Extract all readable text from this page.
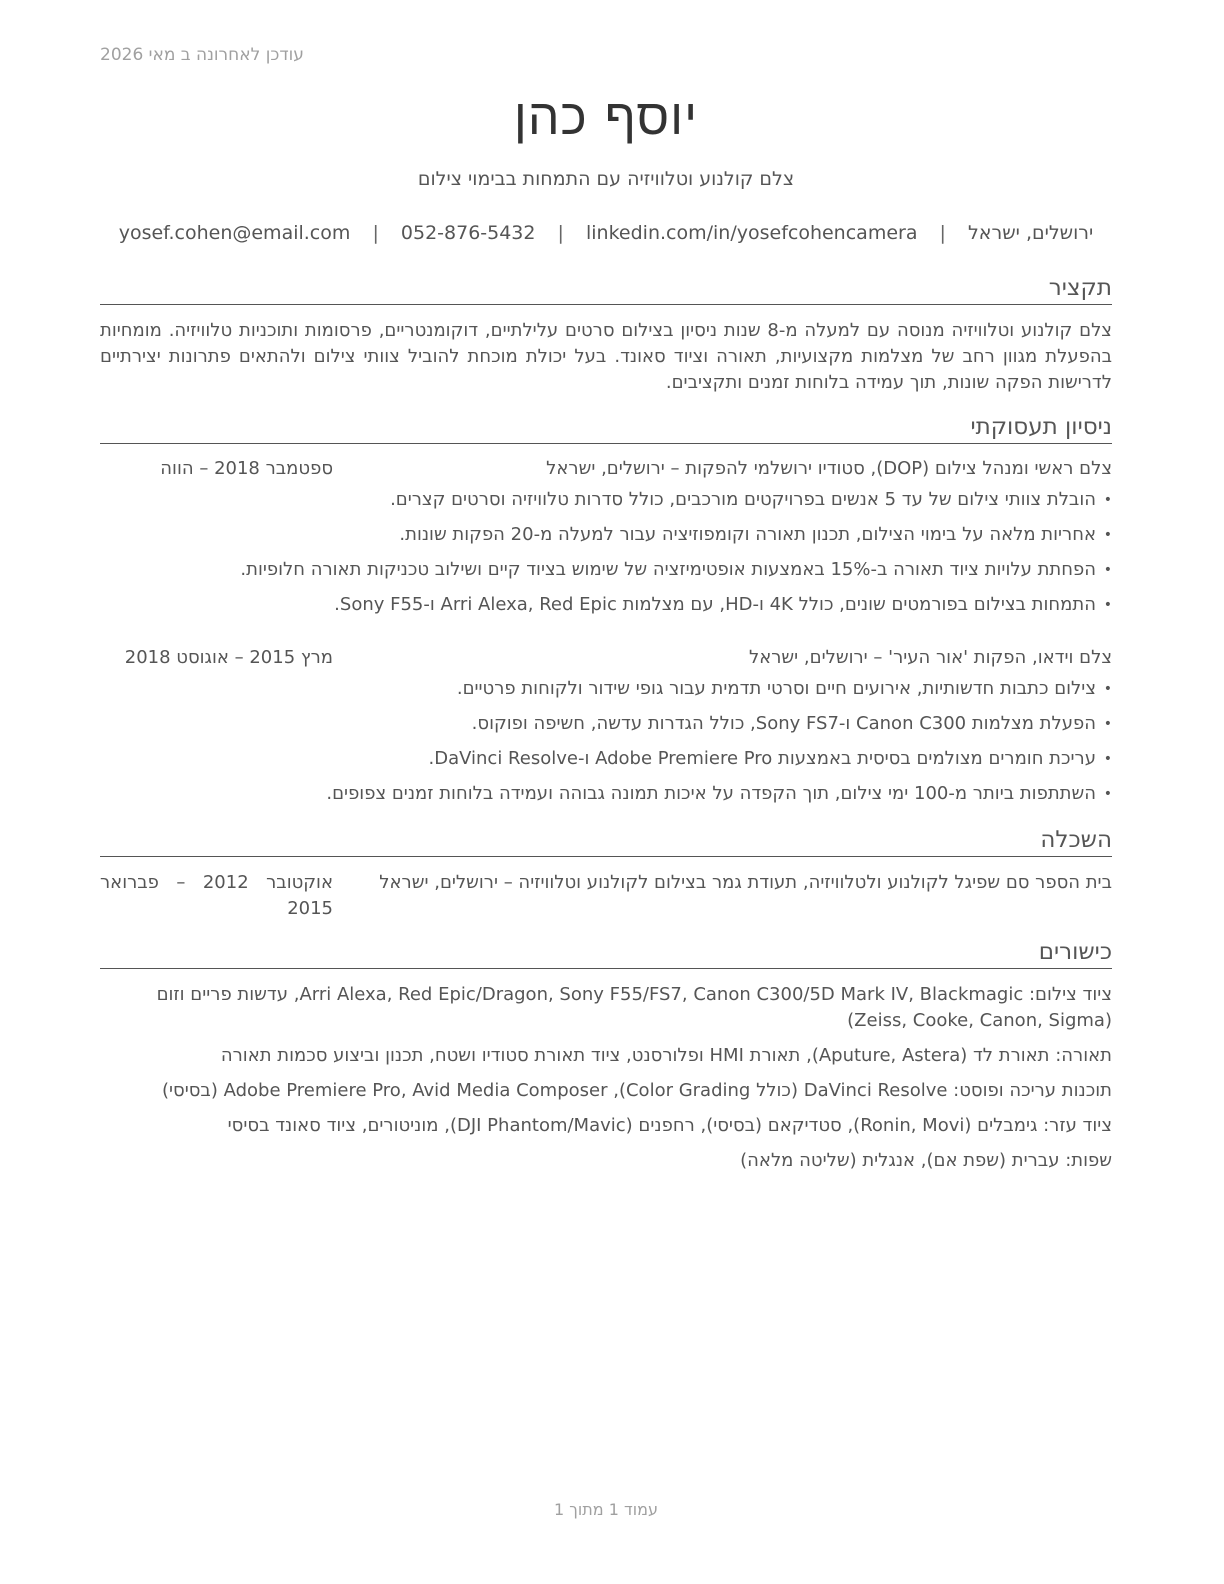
עודכן לאחרונה ב מאי 2026
יוסף כהן
צלם קולנוע וטלוויזיה עם התמחות בבימוי צילום
ירושלים, ישראל | yosef.cohen@email.com | 052-876-5432 | linkedin.com/in/yosefcohencamera
תקציר
צלם קולנוע וטלוויזיה מנוסה עם למעלה מ-8 שנות ניסיון בצילום סרטים עלילתיים, דוקומנטריים, פרסומות ותוכניות טלוויזיה. מומחיות בהפעלת מגוון רחב של מצלמות מקצועיות, תאורה וציוד סאונד. בעל יכולת מוכחת להוביל צוותי צילום ולהתאים פתרונות יצירתיים לדרישות הפקה שונות, תוך עמידה בלוחות זמנים ותקציבים.
ניסיון תעסוקתי
צלם ראשי ומנהל צילום (DOP), סטודיו ירושלמי להפקות – ירושלים, ישראל
ספטמבר 2018 – הווה
• הובלת צוותי צילום של עד 5 אנשים בפרויקטים מורכבים, כולל סדרות טלוויזיה וסרטים קצרים.
• אחריות מלאה על בימוי הצילום, תכנון תאורה וקומפוזיציה עבור למעלה מ-20 הפקות שונות.
• הפחתת עלויות ציוד תאורה ב-15% באמצעות אופטימיזציה של שימוש בציוד קיים ושילוב טכניקות תאורה חלופיות.
• התמחות בצילום בפורמטים שונים, כולל 4K ו-HD, עם מצלמות Arri Alexa, Red Epic ו-Sony F55.
צלם וידאו, הפקות 'אור העיר' – ירושלים, ישראל
מרץ 2015 – אוגוסט 2018
• צילום כתבות חדשותיות, אירועים חיים וסרטי תדמית עבור גופי שידור ולקוחות פרטיים.
• הפעלת מצלמות Canon C300 ו-Sony FS7, כולל הגדרות עדשה, חשיפה ופוקוס.
• עריכת חומרים מצולמים בסיסית באמצעות Adobe Premiere Pro ו-DaVinci Resolve.
• השתתפות ביותר מ-100 ימי צילום, תוך הקפדה על איכות תמונה גבוהה ועמידה בלוחות זמנים צפופים.
השכלה
בית הספר סם שפיגל לקולנוע ולטלוויזיה, תעודת גמר בצילום לקולנוע וטלוויזיה – ירושלים, ישראל
אוקטובר 2012 – פברואר 2015
כישורים
ציוד צילום: Arri Alexa, Red Epic/Dragon, Sony F55/FS7, Canon C300/5D Mark IV, Blackmagic, עדשות פריים וזום (Zeiss, Cooke, Canon, Sigma)
תאורה: תאורת לד (Aputure, Astera), תאורת HMI ופלורסנט, ציוד תאורת סטודיו ושטח, תכנון וביצוע סכמות תאורה
תוכנות עריכה ופוסט: DaVinci Resolve (כולל Color Grading), Adobe Premiere Pro, Avid Media Composer (בסיסי)
ציוד עזר: גימבלים (Ronin, Movi), סטדיקאם (בסיסי), רחפנים (DJI Phantom/Mavic), מוניטורים, ציוד סאונד בסיסי
שפות: עברית (שפת אם), אנגלית (שליטה מלאה)
עמוד 1 מתוך 1
